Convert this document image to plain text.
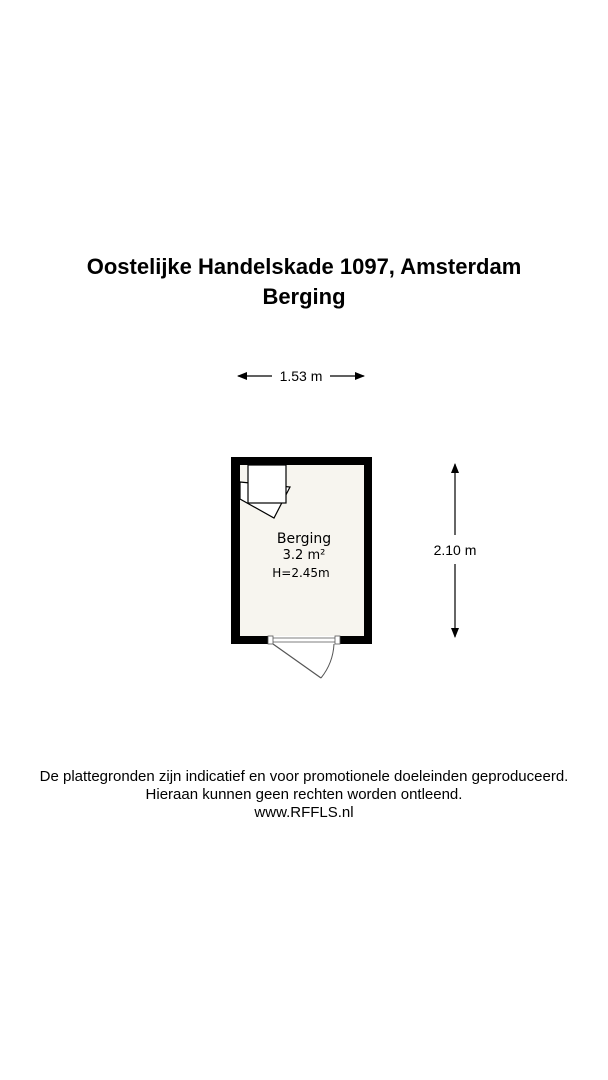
Oostelijke Handelskade 1097, Amsterdam
Berging
1.53 m
2.10 m
Berging
3.2 m²
H=2.45m
De plattegronden zijn indicatief en voor promotionele doeleinden geproduceerd.
Hieraan kunnen geen rechten worden ontleend.
www.RFFLS.nl
